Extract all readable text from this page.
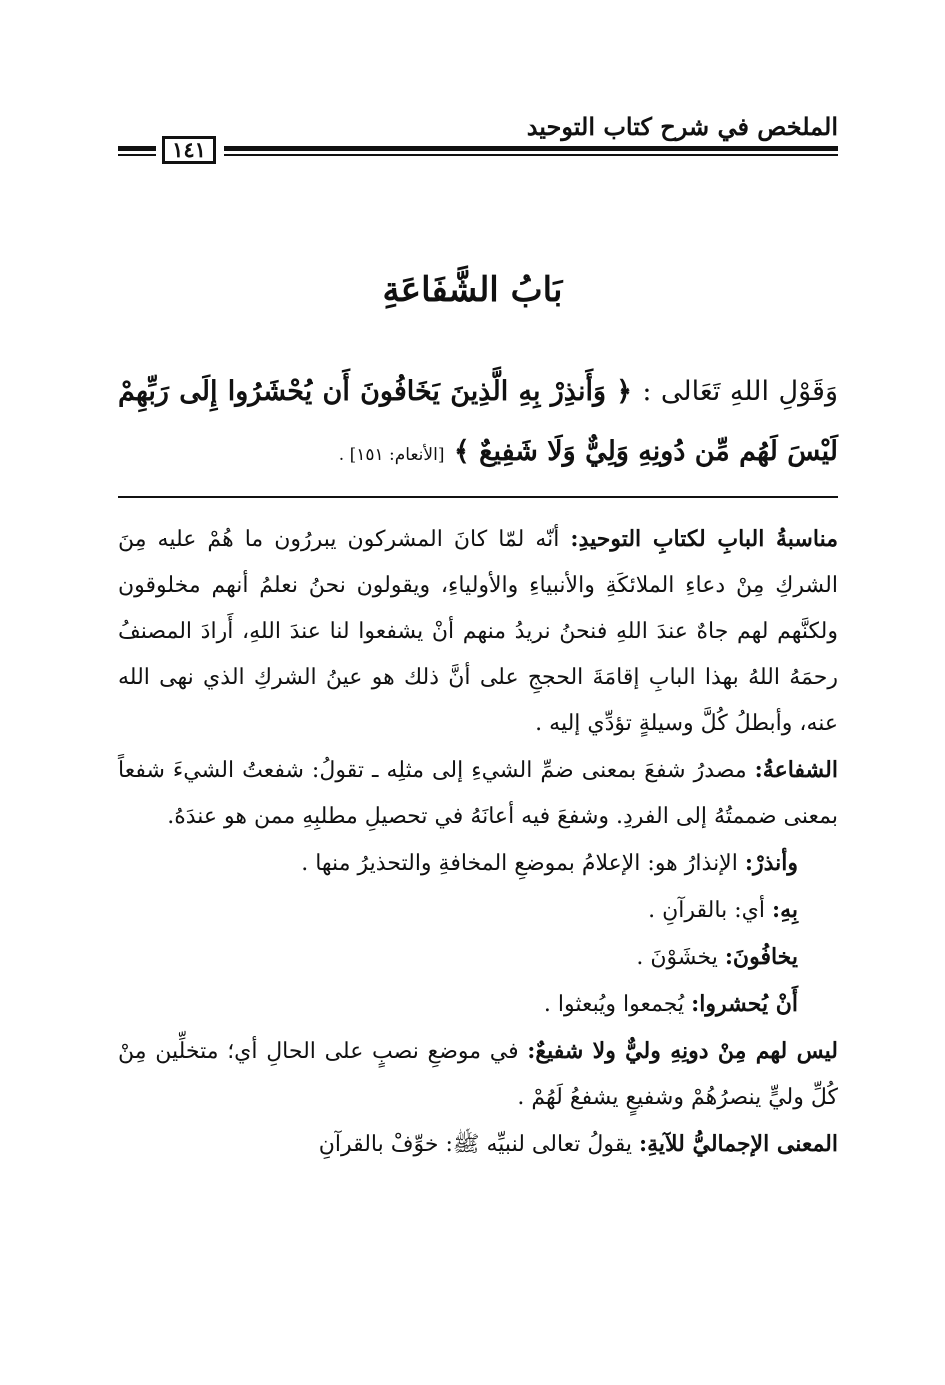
الملخص في شرح كتاب التوحيد
١٤١
بَابُ الشَّفَاعَةِ
وَقَوْلِ اللهِ تَعَالى : ﴿ وَأَنذِرْ بِهِ الَّذِينَ يَخَافُونَ أَن يُحْشَرُوا إِلَى رَبِّهِمْ لَيْسَ لَهُم مِّن دُونِهِ وَلِيٌّ وَلَا شَفِيعٌ ﴾ [الأنعام: ١٥١] .

مناسبةُ البابِ لكتابِ التوحيدِ: أنّه لمّا كانَ المشركون يبررُون ما هُمْ عليه مِنَ الشركِ مِنْ دعاءِ الملائكَةِ والأنبياءِ والأولياءِ، ويقولون نحنُ نعلمُ أنهم مخلوقون ولكنَّهم لهم جاهٌ عندَ اللهِ فنحنُ نريدُ منهم أنْ يشفعوا لنا عندَ اللهِ، أَرادَ المصنفُ رحمَهُ اللهُ بهذا البابِ إقامَةَ الحججِ على أنَّ ذلك هو عينُ الشركِ الذي نهى الله عنه، وأبطلُ كُلَّ وسيلةٍ تؤدِّي إليه .

الشفاعةُ: مصدرُ شفعَ بمعنى ضمِّ الشيءِ إلى مثلِه ـ تقولُ: شفعتُ الشيءَ شفعاً بمعنى ضممتُهُ إلى الفردِ. وشفعَ فيه أعانَهُ في تحصيلِ مطلبِهِ ممن هو عندَهُ.

وأنذرْ: الإنذارُ هو: الإعلامُ بموضعِ المخافةِ والتحذيرُ منها .

بِهِ: أي: بالقرآنِ .

يخافُونَ: يخشَوْنَ .

أَنْ يُحشروا: يُجمعوا ويُبعثوا .

ليس لهم مِنْ دونِهِ وليٌّ ولا شفيعٌ: في موضعِ نصبٍ على الحالِ أي؛ متخلِّين مِنْ كُلِّ وليٍّ ينصرُهُمْ وشفيعٍ يشفعُ لَهُمْ .

المعنى الإجماليُّ للآيةِ: يقولُ تعالى لنبيِّه ﷺ: خوِّفْ بالقرآنِ
